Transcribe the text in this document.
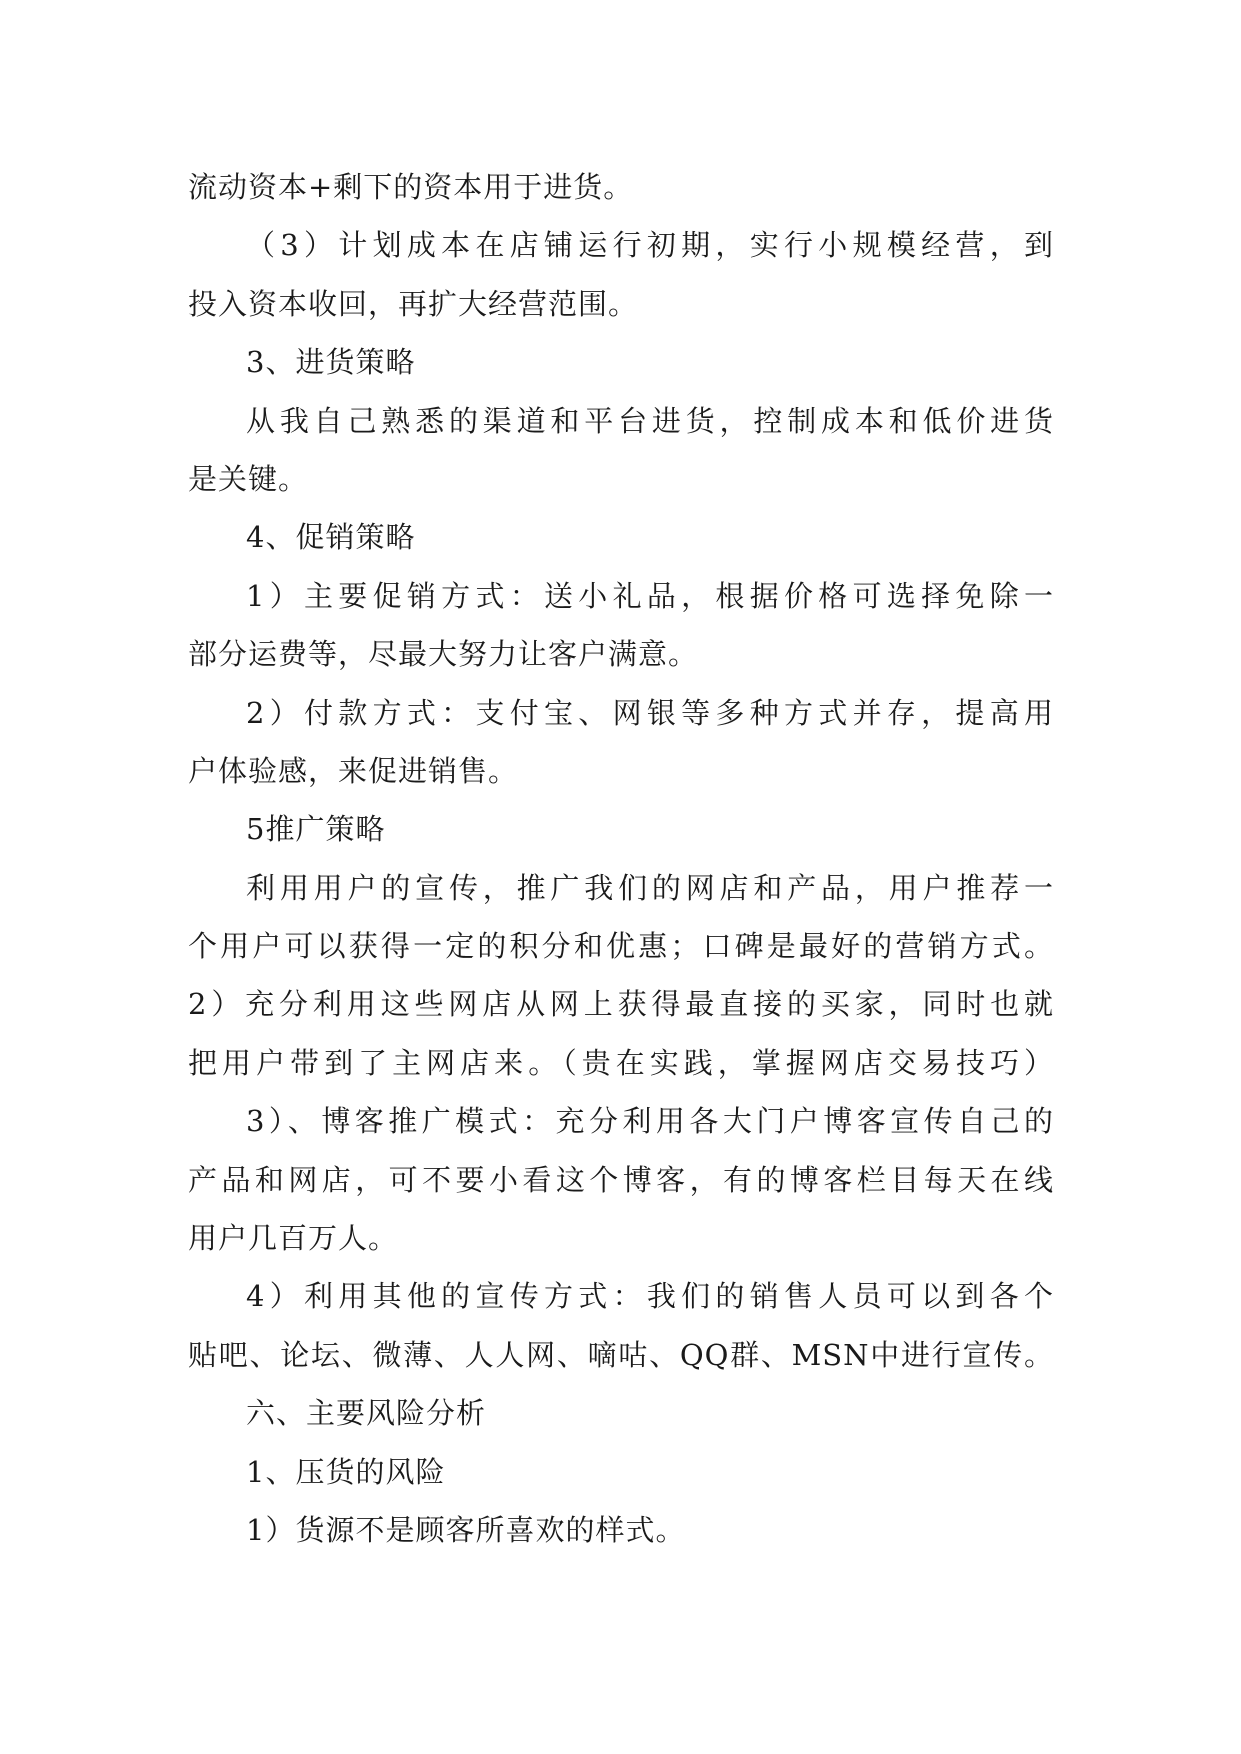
流动资本+剩下的资本用于进货。
（3）计划成本在店铺运行初期，实行小规模经营，到
投入资本收回，再扩大经营范围。
3、进货策略
从我自己熟悉的渠道和平台进货，控制成本和低价进货
是关键。
4、促销策略
1）主要促销方式：送小礼品，根据价格可选择免除一
部分运费等，尽最大努力让客户满意。
2）付款方式：支付宝、网银等多种方式并存，提高用
户体验感，来促进销售。
5推广策略
利用用户的宣传，推广我们的网店和产品，用户推荐一
个用户可以获得一定的积分和优惠；口碑是最好的营销方式。
2）充分利用这些网店从网上获得最直接的买家，同时也就
把用户带到了主网店来。（贵在实践，掌握网店交易技巧）
3）、博客推广模式：充分利用各大门户博客宣传自己的
产品和网店，可不要小看这个博客，有的博客栏目每天在线
用户几百万人。
4）利用其他的宣传方式：我们的销售人员可以到各个
贴吧、论坛、微薄、人人网、嘀咕、QQ群、MSN中进行宣传。
六、主要风险分析
1、压货的风险
1）货源不是顾客所喜欢的样式。
